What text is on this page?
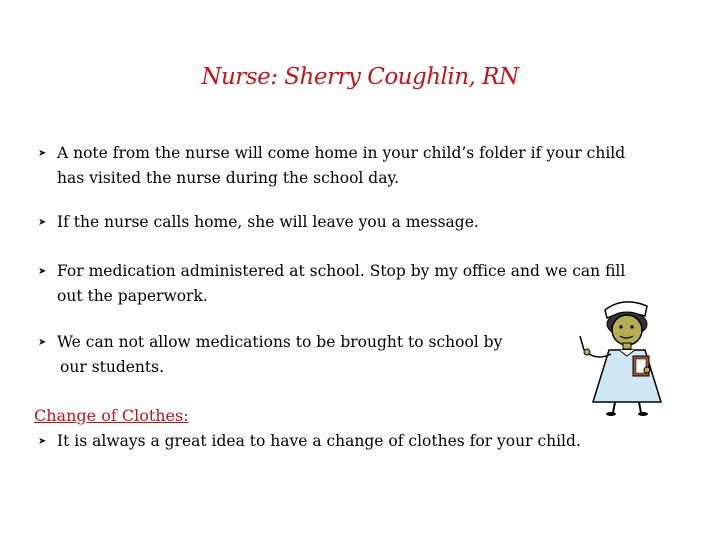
Nurse: Sherry Coughlin, RN
➤ A note from the nurse will come home in your child’s folder if your child
has visited the nurse during the school day.
➤ If the nurse calls home, she will leave you a message.
➤ For medication administered at school. Stop by my office and we can fill
out the paperwork.
➤ We can not allow medications to be brought to school by
our students.
Change of Clothes:
➤ It is always a great idea to have a change of clothes for your child.
